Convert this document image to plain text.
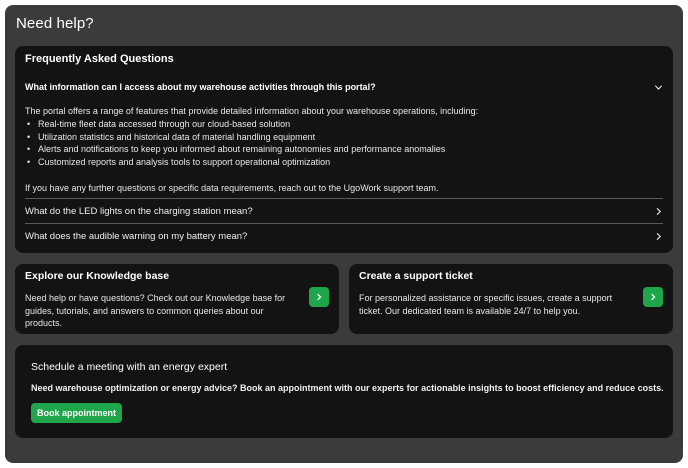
Need help?
Frequently Asked Questions
What information can I access about my warehouse activities through this portal?

The portal offers a range of features that provide detailed information about your warehouse operations, including:

• Real-time fleet data accessed through our cloud-based solution
• Utilization statistics and historical data of material handling equipment
• Alerts and notifications to keep you informed about remaining autonomies and performance anomalies
• Customized reports and analysis tools to support operational optimization

If you have any further questions or specific data requirements, reach out to the UgoWork support team.

What do the LED lights on the charging station mean?
What does the audible warning on my battery mean?
Explore our Knowledge base
Need help or have questions? Check out our Knowledge base for guides, tutorials, and answers to common queries about our products.
Create a support ticket
For personalized assistance or specific issues, create a support ticket. Our dedicated team is available 24/7 to help you.
Schedule a meeting with an energy expert
Need warehouse optimization or energy advice? Book an appointment with our experts for actionable insights to boost efficiency and reduce costs.
Book appointment
